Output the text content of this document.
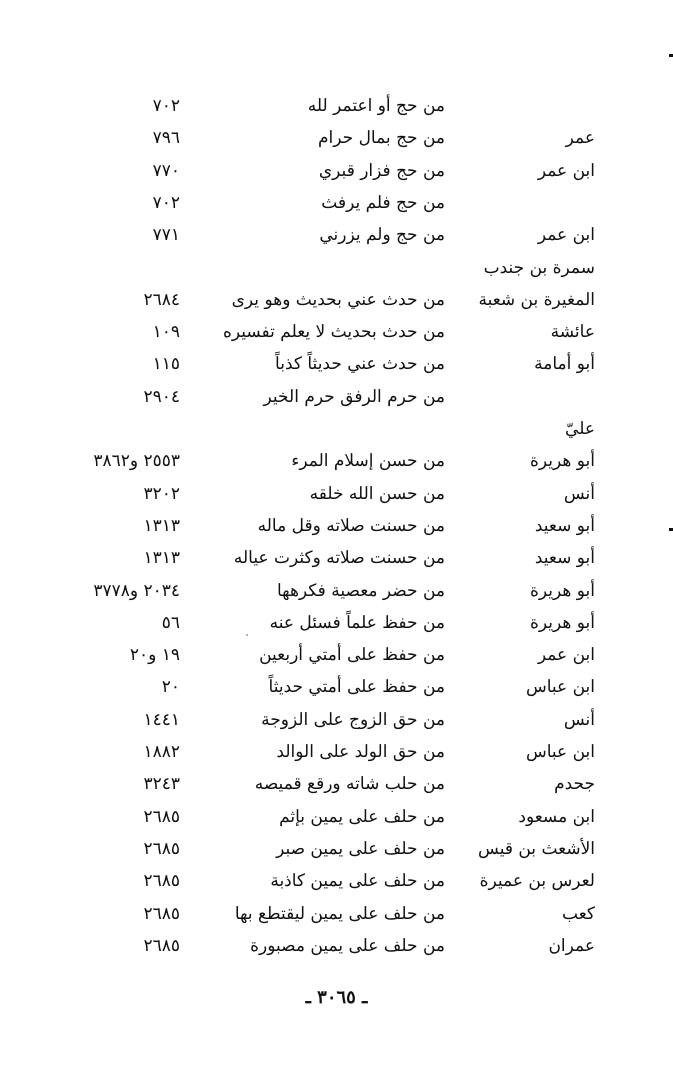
من حج أو اعتمر لله
٧٠٢
عمر
من حج بمال حرام
٧٩٦
ابن عمر
من حج فزار قبري
٧٧٠
من حج فلم يرفث
٧٠٢
ابن عمر
من حج ولم يزرني
٧٧١
سمرة بن جندب
المغيرة بن شعبة
من حدث عني بحديث وهو يرى
٢٦٨٤
عائشة
من حدث بحديث لا يعلم تفسيره
١٠٩
أبو أمامة
من حدث عني حديثاً كذباً
١١٥
من حرم الرفق حرم الخير
٢٩٠٤
عليّ
أبو هريرة
من حسن إسلام المرء
٢٥٥٣ و٣٨٦٢
أنس
من حسن الله خلقه
٣٢٠٢
أبو سعيد
من حسنت صلاته وقل ماله
١٣١٣
أبو سعيد
من حسنت صلاته وكثرت عياله
١٣١٣
أبو هريرة
من حضر معصية فكرهها
٢٠٣٤ و٣٧٧٨
أبو هريرة
من حفظ علماً فسئل عنه
٥٦
ابن عمر
من حفظ على أمتي أربعين
١٩ و٢٠
ابن عباس
من حفظ على أمتي حديثاً
٢٠
أنس
من حق الزوج على الزوجة
١٤٤١
ابن عباس
من حق الولد على الوالد
١٨٨٢
جحدم
من حلب شاته ورقع قميصه
٣٢٤٣
ابن مسعود
من حلف على يمين بإثم
٢٦٨٥
الأشعث بن قيس
من حلف على يمين صبر
٢٦٨٥
لعرس بن عميرة
من حلف على يمين كاذبة
٢٦٨٥
كعب
من حلف على يمين ليقتطع بها
٢٦٨٥
عمران
من حلف على يمين مصبورة
٢٦٨٥
ـ ٣٠٦٥ ـ
